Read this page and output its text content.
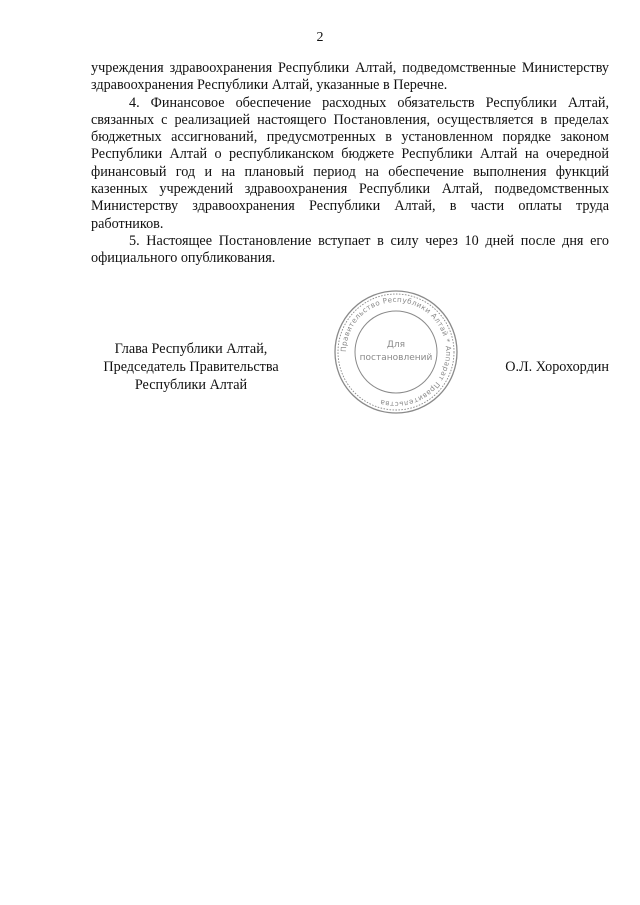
2

учреждения здравоохранения Республики Алтай, подведомственные Министерству здравоохранения Республики Алтай, указанные в Перечне.

4. Финансовое обеспечение расходных обязательств Республики Алтай, связанных с реализацией настоящего Постановления, осуществляется в пределах бюджетных ассигнований, предусмотренных в установленном порядке законом Республики Алтай о республиканском бюджете Республики Алтай на очередной финансовый год и на плановый период на обеспечение выполнения функций казенных учреждений здравоохранения Республики Алтай, подведомственных Министерству здравоохранения Республики Алтай, в части оплаты труда работников.

5. Настоящее Постановление вступает в силу через 10 дней после дня его официального опубликования.

Глава Республики Алтай,
Председатель Правительства
Республики Алтай
Правительство Республики Алтай * Аппарат Правительства
Для
постановлений
О.Л. Хорохордин
